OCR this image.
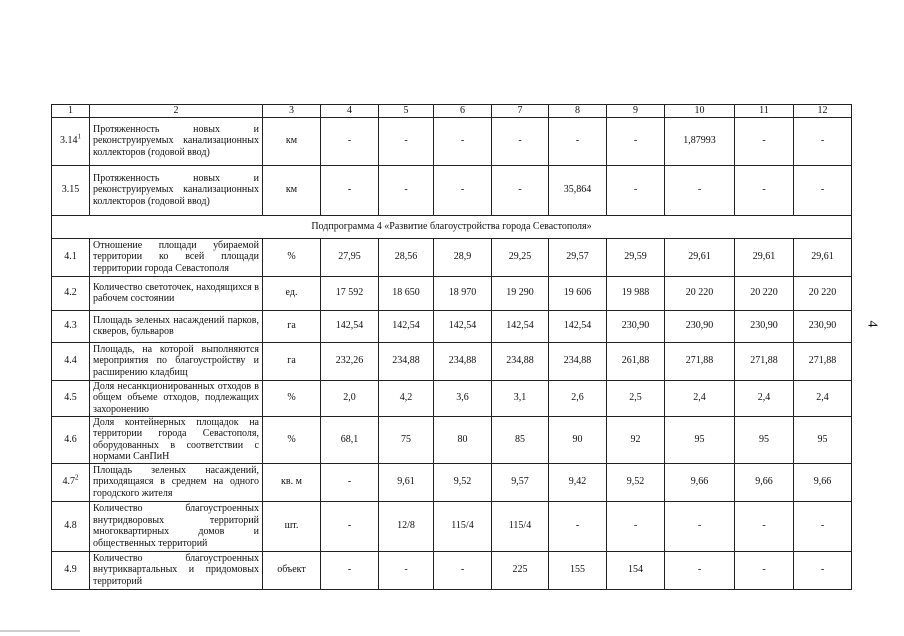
1	2	3	4	5	6	7	8	9	10	11	12
3.14$^1$	Протяженность новых и реконструируемых канализационных коллекторов (годовой ввод)	км	-	-	-	-	-	-	1,87993	-	-
3.15	Протяженность новых и реконструируемых канализационных коллекторов (годовой ввод)	км	-	-	-	-	35,864	-	-	-	-
Подпрограмма 4 «Развитие благоустройства города Севастополя»											
4.1	Отношение площади убираемой территории ко всей площади территории города Севастополя	%	27,95	28,56	28,9	29,25	29,57	29,59	29,61	29,61	29,61
4.2	Количество светоточек, находящихся в рабочем состоянии	ед.	17 592	18 650	18 970	19 290	19 606	19 988	20 220	20 220	20 220
4.3	Площадь зеленых насаждений парков, скверов, бульваров	га	142,54	142,54	142,54	142,54	142,54	230,90	230,90	230,90	230,90
4.4	Площадь, на которой выполняются мероприятия по благоустройству и расширению кладбищ	га	232,26	234,88	234,88	234,88	234,88	261,88	271,88	271,88	271,88
4.5	Доля несанкционированных отходов в общем объеме отходов, подлежащих захоронению	%	2,0	4,2	3,6	3,1	2,6	2,5	2,4	2,4	2,4
4.6	Доля контейнерных площадок на территории города Севастополя, оборудованных в соответствии с нормами СанПиН	%	68,1	75	80	85	90	92	95	95	95
$4.7^2$	Площадь зеленых насаждений, приходящаяся в среднем на одного городского жителя	кв. м	-	9,61	9,52	9,57	9,42	9,52	9,66	9,66	9,66
4.8	Количество благоустроенных внутридворовых территорий многоквартирных домов и общественных территорий	шт.	-	12/8	115/4	115/4	-	-	-	-	-
4.9	Количество благоустроенных внутриквартальных и придомовых территорий	объект	-	-	-	225	155	154	-	-	-
4
